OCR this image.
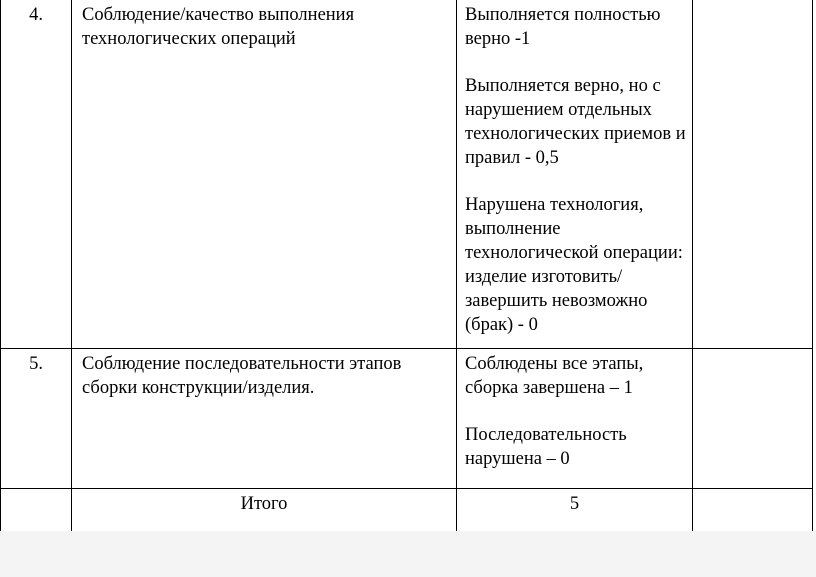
4.	Соблюдение/качество выполнения технологических операций	Выполняется полностью верно -1

Выполняется верно, но с нарушением отдельных технологических приемов и правил - 0,5

Нарушена технология, выполнение технологической операции: изделие изготовить/завершить невозможно (брак) - 0	

5.	Соблюдение последовательности этапов сборки конструкции/изделия.	Соблюдены все этапы, сборка завершена – 1

Последовательность нарушена – 0	

	Итого	5	
